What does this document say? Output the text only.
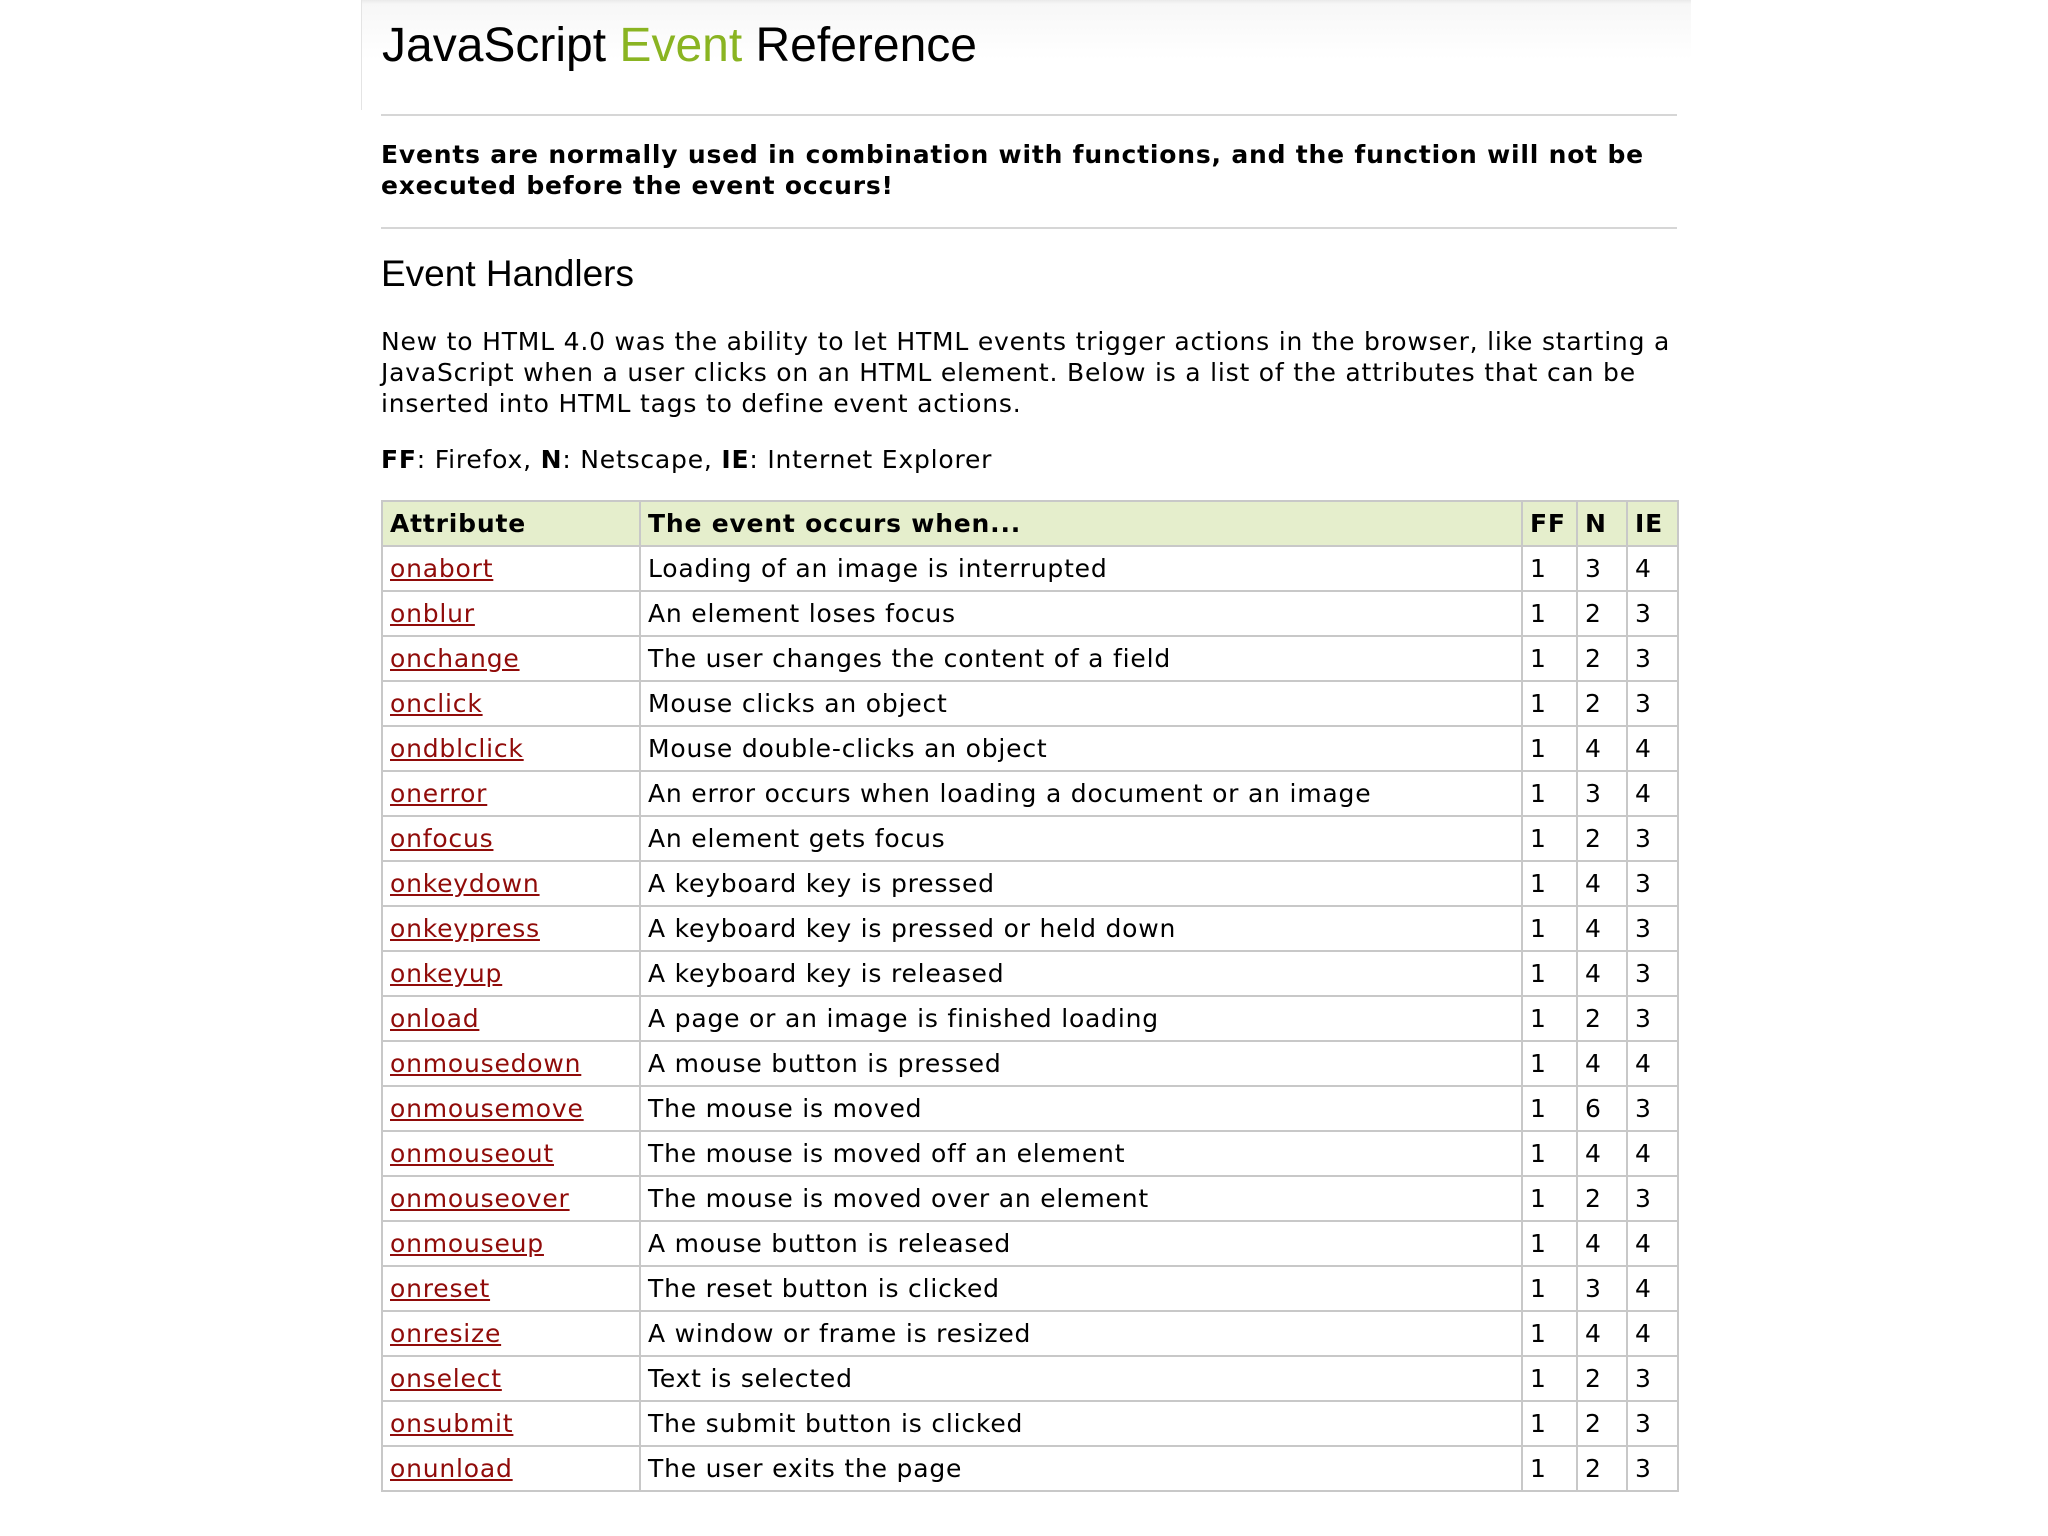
JavaScript Event Reference
Events are normally used in combination with functions, and the function will not be
executed before the event occurs!
Event Handlers
New to HTML 4.0 was the ability to let HTML events trigger actions in the browser, like starting a
JavaScript when a user clicks on an HTML element. Below is a list of the attributes that can be
inserted into HTML tags to define event actions.
FF: Firefox, N: Netscape, IE: Internet Explorer
Attribute	The event occurs when...	FF	N	IE
onabort	Loading of an image is interrupted	1	3	4
onblur	An element loses focus	1	2	3
onchange	The user changes the content of a field	1	2	3
onclick	Mouse clicks an object	1	2	3
ondblclick	Mouse double-clicks an object	1	4	4
onerror	An error occurs when loading a document or an image	1	3	4
onfocus	An element gets focus	1	2	3
onkeydown	A keyboard key is pressed	1	4	3
onkeypress	A keyboard key is pressed or held down	1	4	3
onkeyup	A keyboard key is released	1	4	3
onload	A page or an image is finished loading	1	2	3
onmousedown	A mouse button is pressed	1	4	4
onmousemove	The mouse is moved	1	6	3
onmouseout	The mouse is moved off an element	1	4	4
onmouseover	The mouse is moved over an element	1	2	3
onmouseup	A mouse button is released	1	4	4
onreset	The reset button is clicked	1	3	4
onresize	A window or frame is resized	1	4	4
onselect	Text is selected	1	2	3
onsubmit	The submit button is clicked	1	2	3
onunload	The user exits the page	1	2	3
